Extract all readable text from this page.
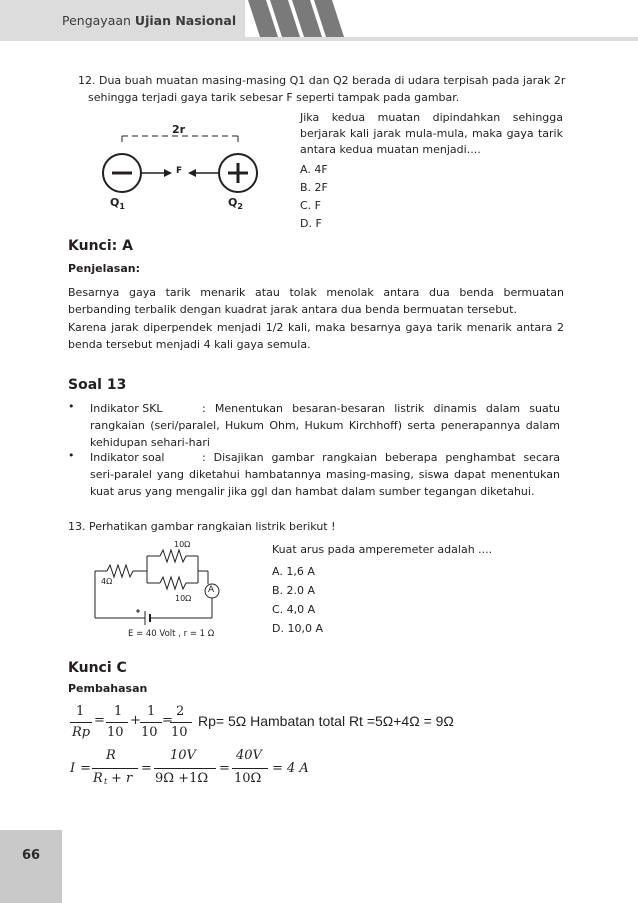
Pengayaan Ujian Nasional
12. Dua buah muatan masing-masing Q1 dan Q2 berada di udara terpisah pada jarak 2r
sehingga terjadi gaya tarik sebesar F seperti tampak pada gambar.
2r
F
$Q_1$	$Q_2$
Jika kedua muatan dipindahkan sehingga berjarak kali jarak mula-mula, maka gaya tarik antara kedua muatan menjadi....
A. 4F
B. 2F
C. F
D. F
Kunci: A
Penjelasan:
Besarnya gaya tarik menarik atau tolak menolak antara dua benda bermuatan berbanding terbalik dengan kuadrat jarak antara dua benda bermuatan tersebut.
Karena jarak diperpendek menjadi 1/2 kali, maka besarnya gaya tarik menarik antara 2 benda tersebut menjadi 4 kali gaya semula.
Soal 13
• Indikator SKL	: Menentukan besaran-besaran listrik dinamis dalam suatu rangkaian (seri/paralel, Hukum Ohm, Hukum Kirchhoff) serta penerapannya dalam kehidupan sehari-hari
• Indikator soal	: Disajikan gambar rangkaian beberapa penghambat secara seri-paralel yang diketahui hambatannya masing-masing, siswa dapat menentukan kuat arus yang mengalir jika ggl dan hambat dalam sumber tegangan diketahui.
13. Perhatikan gambar rangkaian listrik berikut !
10Ω
10Ω
4Ω
A
E = 40 Volt , r = 1 Ω
Kuat arus pada amperemeter adalah ....
A. 1,6 A
B. 2.0 A
C. 4,0 A
D. 10,0 A
Kunci C
Pembahasan
1
Rp
=
1
10
+
1
10
=
2
10
Rp= 5Ω Hambatan total Rt =5Ω+4Ω = 9Ω
I =
R
R t + r
=
10V
9Ω +1Ω
=
40V
10Ω
= 4 A
66
